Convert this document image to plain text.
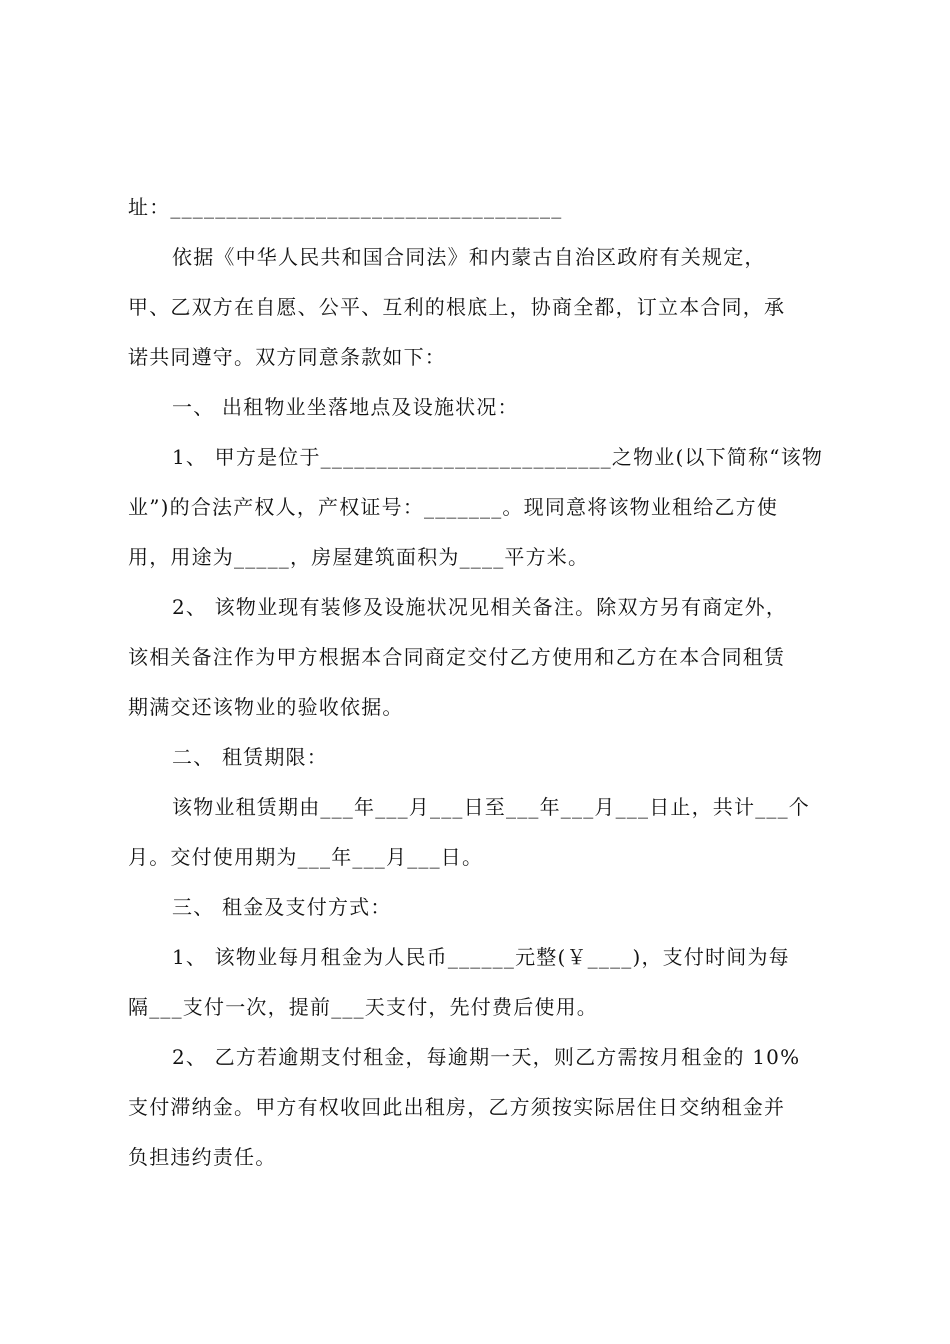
址：___________________________________
依据《中华人民共和国合同法》和内蒙古自治区政府有关规定，
甲、乙双方在自愿、公平、互利的根底上，协商全都，订立本合同，承
诺共同遵守。双方同意条款如下：
一、 出租物业坐落地点及设施状况：
1、 甲方是位于__________________________之物业(以下简称“该物
业”)的合法产权人，产权证号：_______。现同意将该物业租给乙方使
用，用途为_____，房屋建筑面积为____平方米。
2、 该物业现有装修及设施状况见相关备注。除双方另有商定外，
该相关备注作为甲方根据本合同商定交付乙方使用和乙方在本合同租赁
期满交还该物业的验收依据。
二、 租赁期限：
该物业租赁期由___年___月___日至___年___月___日止，共计___个
月。交付使用期为___年___月___日。
三、 租金及支付方式：
1、 该物业每月租金为人民币______元整(￥____)，支付时间为每
隔___支付一次，提前___天支付，先付费后使用。
2、 乙方若逾期支付租金，每逾期一天，则乙方需按月租金的 10%
支付滞纳金。甲方有权收回此出租房，乙方须按实际居住日交纳租金并
负担违约责任。
